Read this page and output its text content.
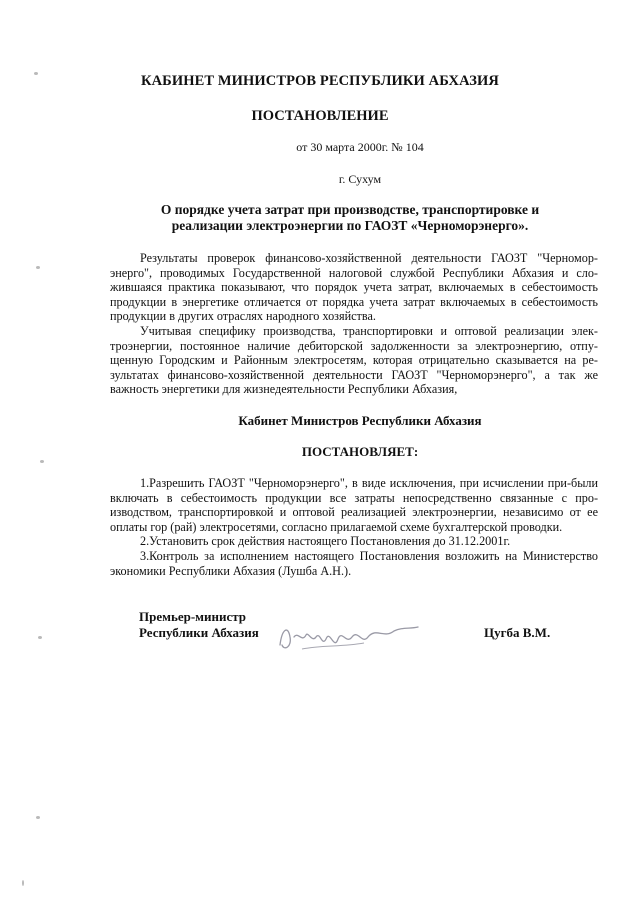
КАБИНЕТ МИНИСТРОВ РЕСПУБЛИКИ АБХАЗИЯ
ПОСТАНОВЛЕНИЕ
от 30 марта 2000г. № 104
г. Сухум
О порядке учета затрат при производстве, транспортировке и
реализации электроэнергии по ГАОЗТ «Черноморэнерго».
Результаты проверок финансово-хозяйственной деятельности ГАОЗТ "Черномор-энерго", проводимых Государственной налоговой службой Республики Абхазия и сло-жившаяся практика показывают, что порядок учета затрат, включаемых в себестоимость продукции в энергетике отличается от порядка учета затрат включаемых в себестоимость продукции в других отраслях народного хозяйства.
Учитывая специфику производства, транспортировки и оптовой реализации элек-троэнергии, постоянное наличие дебиторской задолженности за электроэнергию, отпу-щенную Городским и Районным электросетям, которая отрицательно сказывается на ре-зультатах финансово-хозяйственной деятельности ГАОЗТ "Черноморэнерго", а так же важность энергетики для жизнедеятельности Республики Абхазия,
Кабинет Министров Республики Абхазия
ПОСТАНОВЛЯЕТ:
1.Разрешить ГАОЗТ "Черноморэнерго", в виде исключения, при исчислении при-были включать в себестоимость продукции все затраты непосредственно связанные с про-изводством, транспортировкой и оптовой реализацией электроэнергии, независимо от ее оплаты гор (рай) электросетями, согласно прилагаемой схеме бухгалтерской проводки.
2.Установить срок действия настоящего Постановления до 31.12.2001г.
3.Контроль за исполнением настоящего Постановления возложить на Министерство экономики Республики Абхазия (Лушба А.Н.).
Премьер-министр
Республики Абхазия	Цугба В.М.
